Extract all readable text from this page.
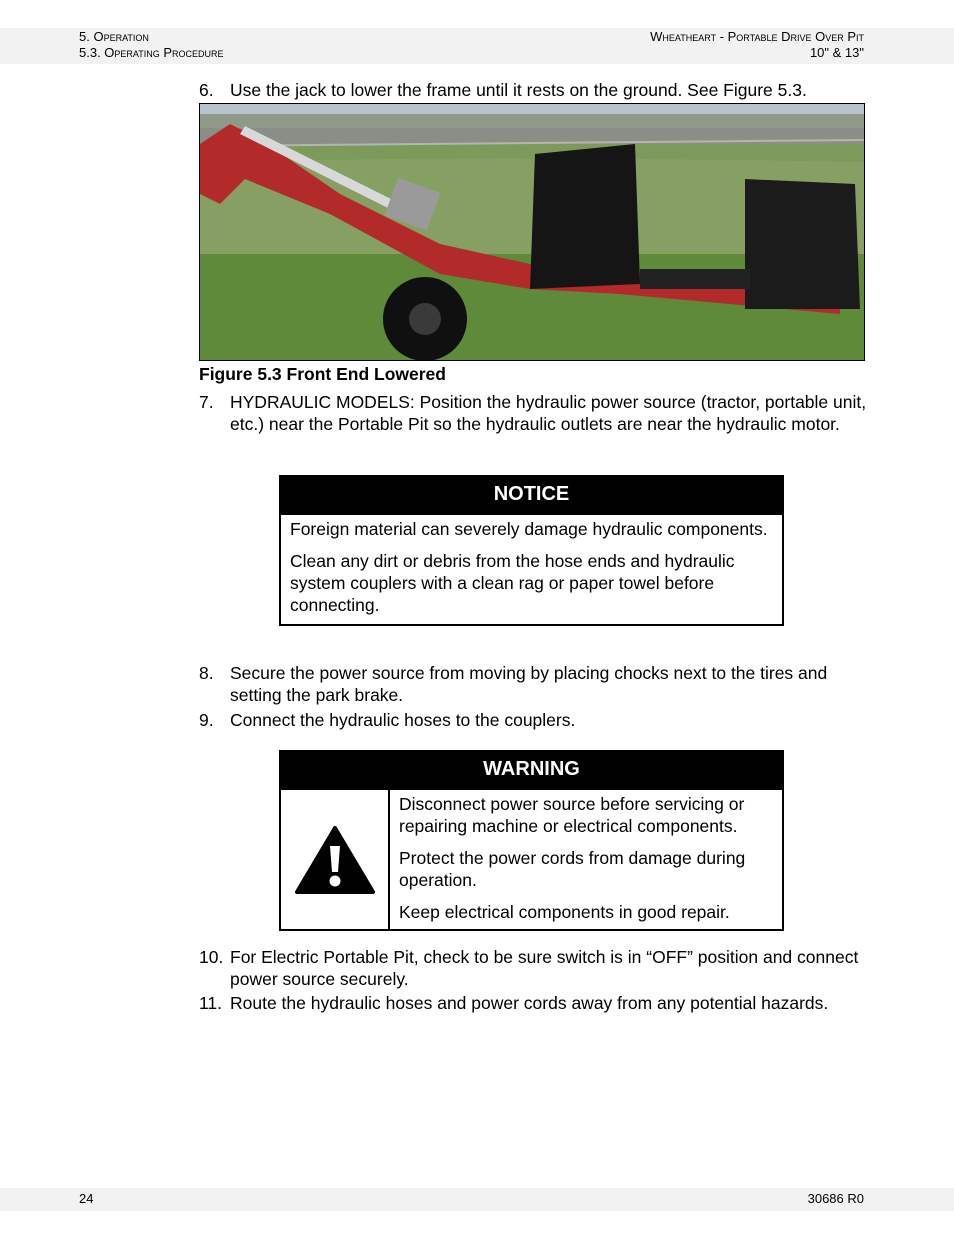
5. Operation
5.3. Operating Procedure
Wheatheart - Portable Drive Over Pit
10" & 13"
6. Use the jack to lower the frame until it rests on the ground. See Figure 5.3.
Figure 5.3 Front End Lowered
7. HYDRAULIC MODELS: Position the hydraulic power source (tractor, portable unit, etc.) near the Portable Pit so the hydraulic outlets are near the hydraulic motor.
NOTICE

Foreign material can severely damage hydraulic components.

Clean any dirt or debris from the hose ends and hydraulic system couplers with a clean rag or paper towel before connecting.

8. Secure the power source from moving by placing chocks next to the tires and setting the park brake.
9. Connect the hydraulic hoses to the couplers.
WARNING

Disconnect power source before servicing or repairing machine or electrical components.

Protect the power cords from damage during operation.

Keep electrical components in good repair.

10. For Electric Portable Pit, check to be sure switch is in “OFF” position and connect power source securely.
11. Route the hydraulic hoses and power cords away from any potential hazards.
24	30686 R0
